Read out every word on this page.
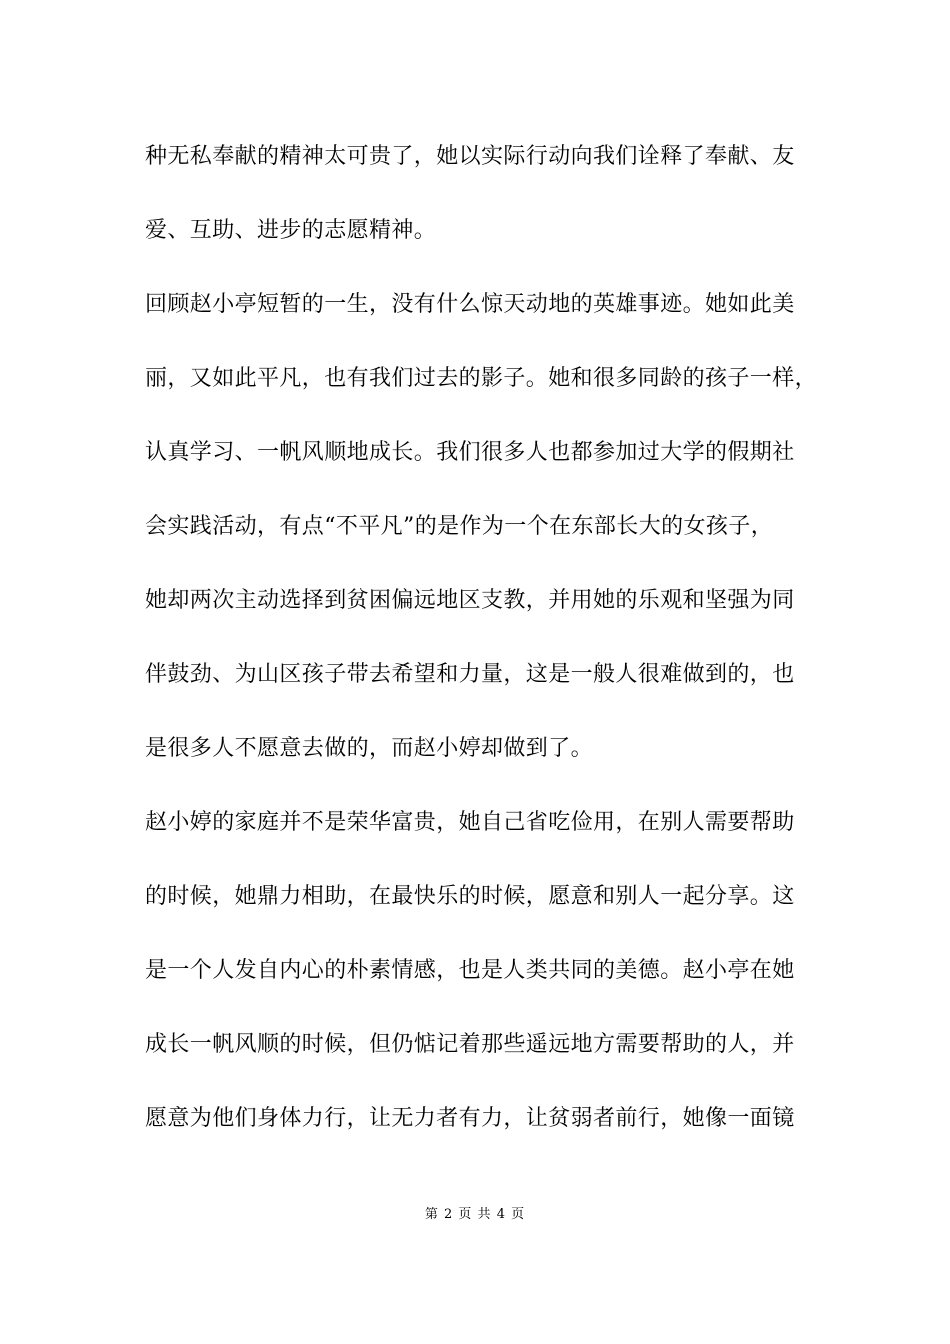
种无私奉献的精神太可贵了，她以实际行动向我们诠释了奉献、友
爱、互助、进步的志愿精神。
回顾赵小亭短暂的一生，没有什么惊天动地的英雄事迹。她如此美
丽，又如此平凡，也有我们过去的影子。她和很多同龄的孩子一样，
认真学习、一帆风顺地成长。我们很多人也都参加过大学的假期社
会实践活动，有点“不平凡”的是作为一个在东部长大的女孩子，
她却两次主动选择到贫困偏远地区支教，并用她的乐观和坚强为同
伴鼓劲、为山区孩子带去希望和力量，这是一般人很难做到的，也
是很多人不愿意去做的，而赵小婷却做到了。
赵小婷的家庭并不是荣华富贵，她自己省吃俭用，在别人需要帮助
的时候，她鼎力相助，在最快乐的时候，愿意和别人一起分享。这
是一个人发自内心的朴素情感，也是人类共同的美德。赵小亭在她
成长一帆风顺的时候，但仍惦记着那些遥远地方需要帮助的人，并
愿意为他们身体力行，让无力者有力，让贫弱者前行，她像一面镜
第 2 页 共 4 页
